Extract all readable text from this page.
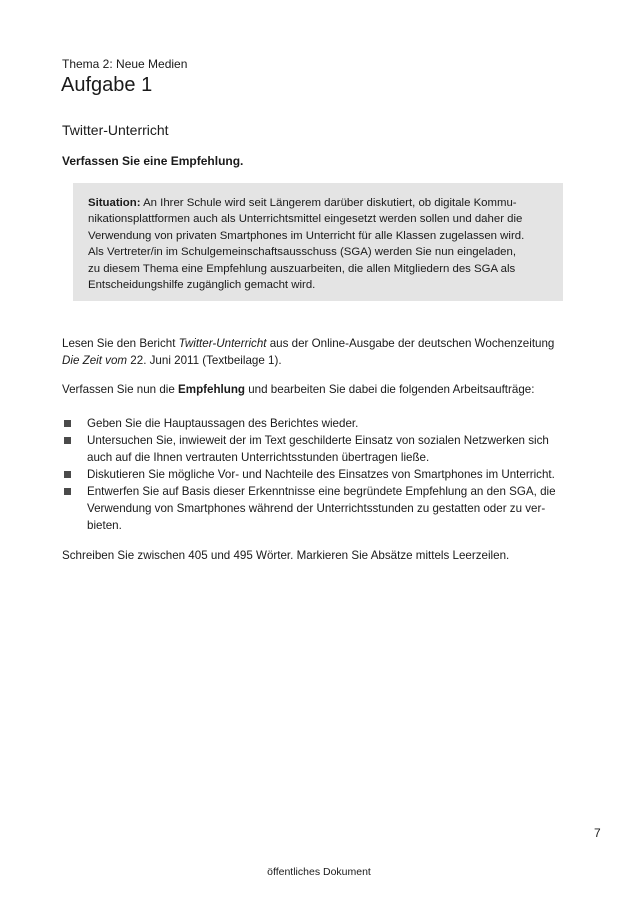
Thema 2: Neue Medien
Aufgabe 1
Twitter-Unterricht
Verfassen Sie eine Empfehlung.
Situation: An Ihrer Schule wird seit Längerem darüber diskutiert, ob digitale Kommu-
nikationsplattformen auch als Unterrichtsmittel eingesetzt werden sollen und daher die
Verwendung von privaten Smartphones im Unterricht für alle Klassen zugelassen wird.
Als Vertreter/in im Schulgemeinschaftsausschuss (SGA) werden Sie nun eingeladen,
zu diesem Thema eine Empfehlung auszuarbeiten, die allen Mitgliedern des SGA als
Entscheidungshilfe zugänglich gemacht wird.
Lesen Sie den Bericht Twitter-Unterricht aus der Online-Ausgabe der deutschen Wochenzeitung
Die Zeit vom 22. Juni 2011 (Textbeilage 1).
Verfassen Sie nun die Empfehlung und bearbeiten Sie dabei die folgenden Arbeitsaufträge:
Geben Sie die Hauptaussagen des Berichtes wieder.
Untersuchen Sie, inwieweit der im Text geschilderte Einsatz von sozialen Netzwerken sich
auch auf die Ihnen vertrauten Unterrichtsstunden übertragen ließe.
Diskutieren Sie mögliche Vor- und Nachteile des Einsatzes von Smartphones im Unterricht.
Entwerfen Sie auf Basis dieser Erkenntnisse eine begründete Empfehlung an den SGA, die
Verwendung von Smartphones während der Unterrichtsstunden zu gestatten oder zu ver-
bieten.
Schreiben Sie zwischen 405 und 495 Wörter. Markieren Sie Absätze mittels Leerzeilen.
7
öffentliches Dokument
